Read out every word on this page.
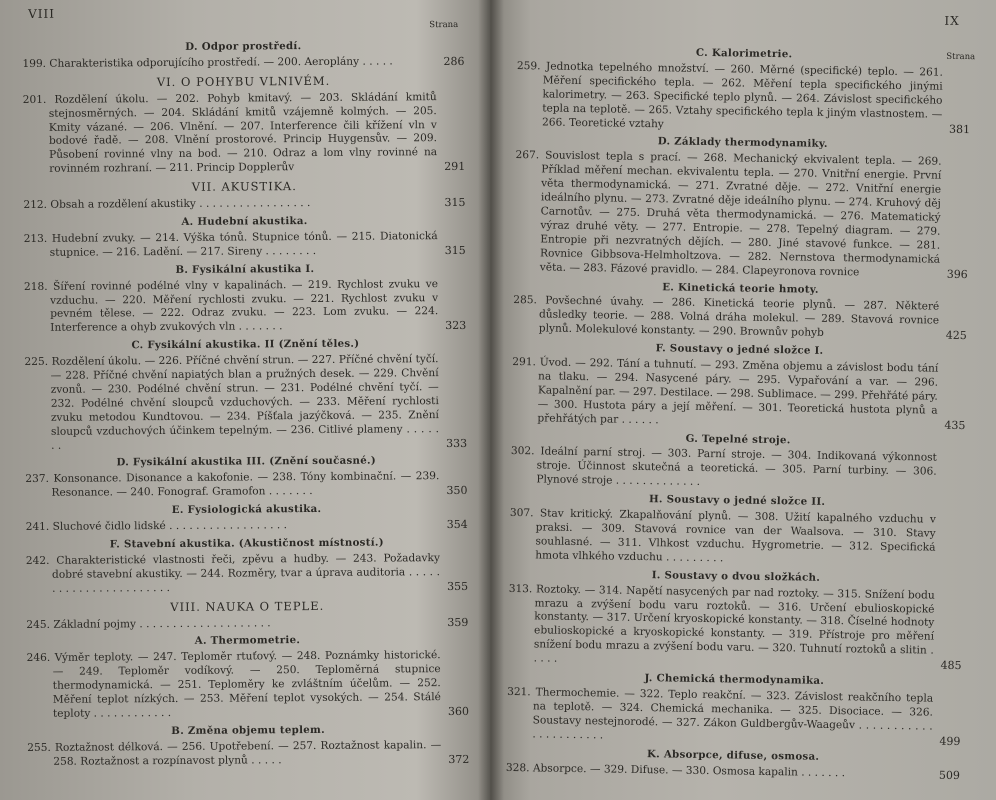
VIII
Strana
D. Odpor prostředí.
199. Charakteristika odporujícího prostředí. — 200. Aeroplány . . . . .	286
VI. O POHYBU VLNIVÉM.
201. Rozdělení úkolu. — 202. Pohyb kmitavý. — 203. Skládání kmitů stejnosměrných. — 204. Skládání kmitů vzájemně kolmých. — 205. Kmity vázané. — 206. Vlnění. — 207. Interference čili křížení vln v bodové řadě. — 208. Vlnění prostorové. Princip Huygensův. — 209. Působení rovinné vlny na bod. — 210. Odraz a lom vlny rovinné na rovinném rozhraní. — 211. Princip Dopplerův	291
VII. AKUSTIKA.
212. Obsah a rozdělení akustiky . . . . . . . . . . . . . . . . .	315
A. Hudební akustika.
213. Hudební zvuky. — 214. Výška tónů. Stupnice tónů. — 215. Diatonická stupnice. — 216. Ladění. — 217. Sireny . . . . . . . .	315
B. Fysikální akustika I.
218. Šíření rovinné podélné vlny v kapalinách. — 219. Rychlost zvuku ve vzduchu. — 220. Měření rychlosti zvuku. — 221. Rychlost zvuku v pevném tělese. — 222. Odraz zvuku. — 223. Lom zvuku. — 224. Interference a ohyb zvukových vln . . . . . . .	323
C. Fysikální akustika. II (Znění těles.)
225. Rozdělení úkolu. — 226. Příčné chvění strun. — 227. Příčné chvění tyčí. — 228. Příčné chvění napiatých blan a pružných desek. — 229. Chvění zvonů. — 230. Podélné chvění strun. — 231. Podélné chvění tyčí. — 232. Podélné chvění sloupců vzduchových. — 233. Měření rychlosti zvuku metodou Kundtovou. — 234. Píšťala jazýčková. — 235. Znění sloupců vzduchových účinkem tepelným. — 236. Citlivé plameny . . . . . . .	333
D. Fysikální akustika III. (Znění současné.)
237. Konsonance. Disonance a kakofonie. — 238. Tóny kombinační. — 239. Resonance. — 240. Fonograf. Gramofon . . . . . . .	350
E. Fysiologická akustika.
241. Sluchové čidlo lidské . . . . . . . . . . . . . . . . . .	354
F. Stavební akustika. (Akustičnost místností.)
242. Charakteristické vlastnosti řeči, zpěvu a hudby. — 243. Požadavky dobré stavební akustiky. — 244. Rozměry, tvar a úprava auditoria . . . . . . . . . . . . . . . . . . . . . . .	355
VIII. NAUKA O TEPLE.
245. Základní pojmy . . . . . . . . . . . . . . . . . . . .	359
A. Thermometrie.
246. Výměr teploty. — 247. Teploměr rtuťový. — 248. Poznámky historické. — 249. Teploměr vodíkový. — 250. Teploměrná stupnice thermodynamická. — 251. Teploměry ke zvláštním účelům. — 252. Měření teplot nízkých. — 253. Měření teplot vysokých. — 254. Stálé teploty . . . . . . . . . . . .	360
B. Změna objemu teplem.
255. Roztažnost délková. — 256. Upotřebení. — 257. Roztažnost kapalin. — 258. Roztažnost a rozpínavost plynů . . . . .	372
IX
Strana
C. Kalorimetrie.
259. Jednotka tepelného množství. — 260. Měrné (specifické) teplo. — 261. Měření specifického tepla. — 262. Měření tepla specifického jinými kalorimetry. — 263. Specifické teplo plynů. — 264. Závislost specifického tepla na teplotě. — 265. Vztahy specifického tepla k jiným vlastnostem. — 266. Teoretické vztahy	381
D. Základy thermodynamiky.
267. Souvislost tepla s prací. — 268. Mechanický ekvivalent tepla. — 269. Příklad měření mechan. ekvivalentu tepla. — 270. Vnitřní energie. První věta thermodynamická. — 271. Zvratné děje. — 272. Vnitřní energie ideálního plynu. — 273. Zvratné děje ideálního plynu. — 274. Kruhový děj Carnotův. — 275. Druhá věta thermodynamická. — 276. Matematický výraz druhé věty. — 277. Entropie. — 278. Tepelný diagram. — 279. Entropie při nezvratných dějích. — 280. Jiné stavové funkce. — 281. Rovnice Gibbsova-Helmholtzova. — 282. Nernstova thermodynamická věta. — 283. Fázové pravidlo. — 284. Clapeyronova rovnice	396
E. Kinetická teorie hmoty.
285. Povšechné úvahy. — 286. Kinetická teorie plynů. — 287. Některé důsledky teorie. — 288. Volná dráha molekul. — 289. Stavová rovnice plynů. Molekulové konstanty. — 290. Brownův pohyb	425
F. Soustavy o jedné složce I.
291. Úvod. — 292. Tání a tuhnutí. — 293. Změna objemu a závislost bodu tání na tlaku. — 294. Nasycené páry. — 295. Vypařování a var. — 296. Kapalnění par. — 297. Destilace. — 298. Sublimace. — 299. Přehřáté páry. — 300. Hustota páry a její měření. — 301. Teoretická hustota plynů a přehřátých par . . . . . .	435
G. Tepelné stroje.
302. Ideální parní stroj. — 303. Parní stroje. — 304. Indikovaná výkonnost stroje. Účinnost skutečná a teoretická. — 305. Parní turbiny. — 306. Plynové stroje . . . . . . . . . . . . .
H. Soustavy o jedné složce II.
307. Stav kritický. Zkapalňování plynů. — 308. Užití kapalného vzduchu v praksi. — 309. Stavová rovnice van der Waalsova. — 310. Stavy souhlasné. — 311. Vlhkost vzduchu. Hygrometrie. — 312. Specifická hmota vlhkého vzduchu . . . . . . . . .
I. Soustavy o dvou složkách.
313. Roztoky. — 314. Napětí nasycených par nad roztoky. — 315. Snížení bodu mrazu a zvýšení bodu varu roztoků. — 316. Určení ebulioskopické konstanty. — 317. Určení kryoskopické konstanty. — 318. Číselné hodnoty ebulioskopické a kryoskopické konstanty. — 319. Přístroje pro měření snížení bodu mrazu a zvýšení bodu varu. — 320. Tuhnutí roztoků a slitin . . . . .
485
J. Chemická thermodynamika.
321. Thermochemie. — 322. Teplo reakční. — 323. Závislost reakčního tepla na teplotě. — 324. Chemická mechanika. — 325. Disociace. — 326. Soustavy nestejnorodé. — 327. Zákon Guldbergův-Waageův . . . . . . . . . . . . . . . . . . . . . .	499
K. Absorpce, difuse, osmosa.
328. Absorpce. — 329. Difuse. — 330. Osmosa kapalin . . . . . . .	509
